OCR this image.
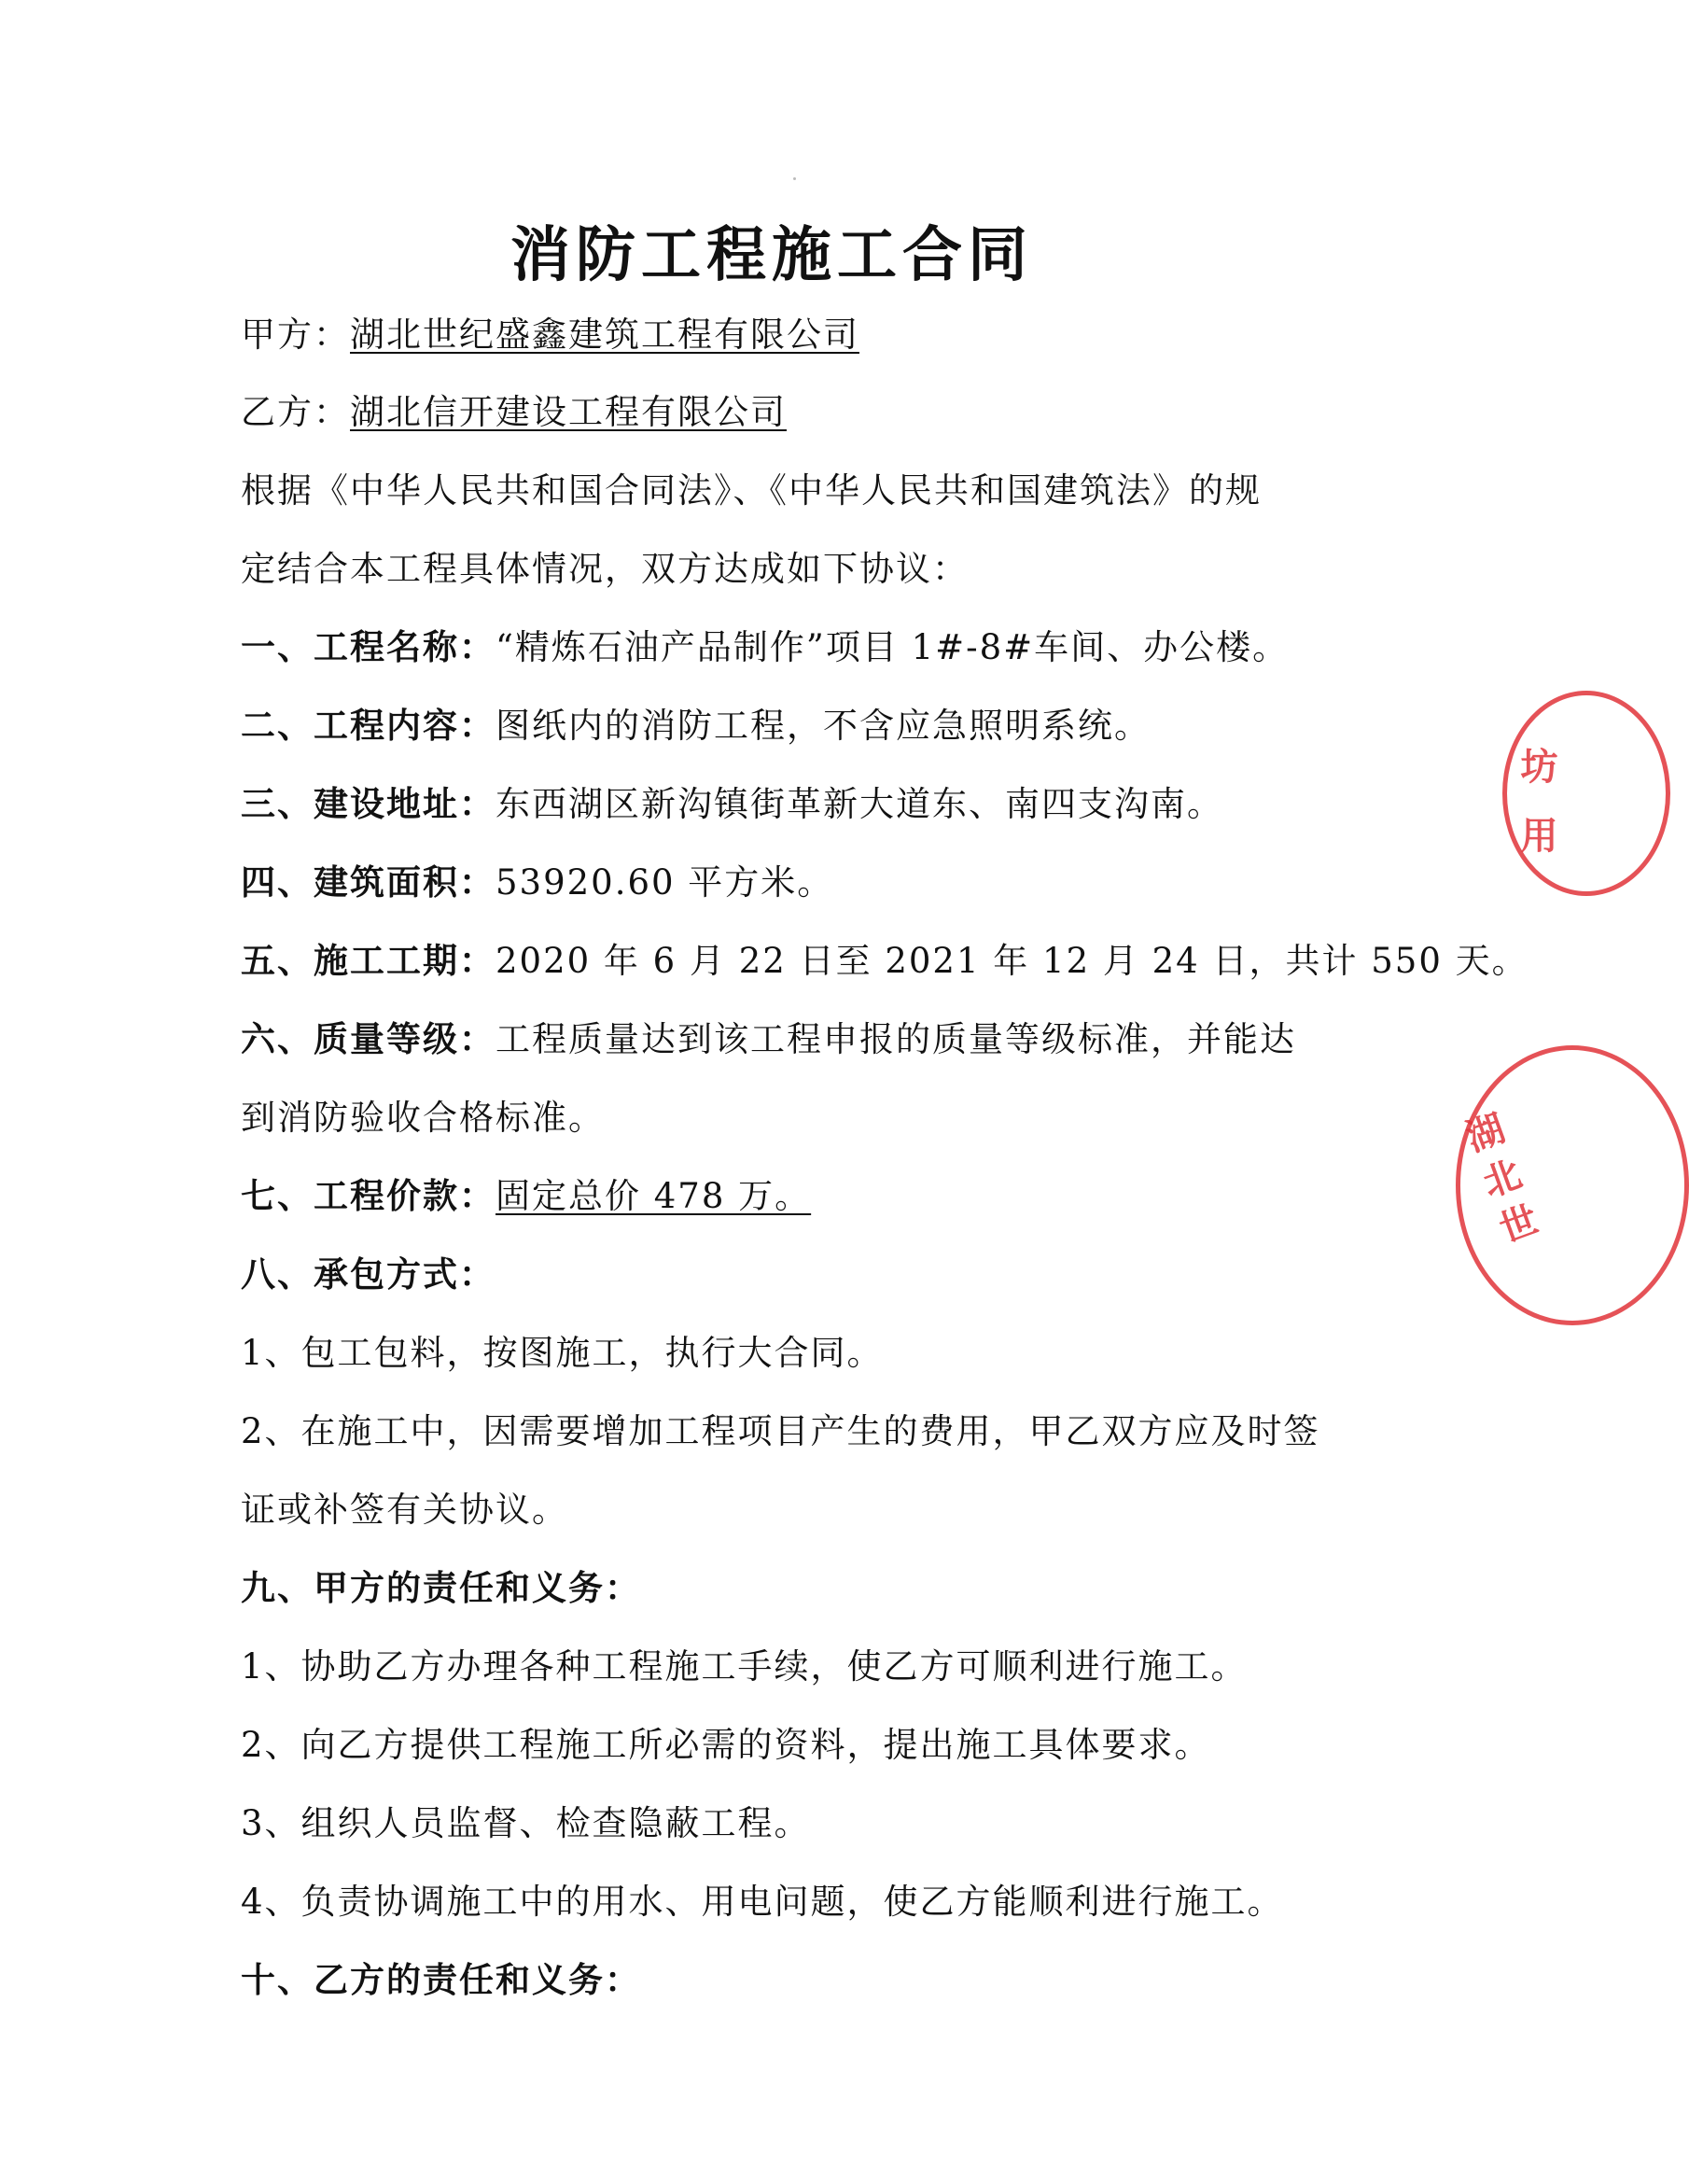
消防工程施工合同
甲方：湖北世纪盛鑫建筑工程有限公司
乙方：湖北信开建设工程有限公司
根据《中华人民共和国合同法》、《中华人民共和国建筑法》的规
定结合本工程具体情况，双方达成如下协议：
一、工程名称：“精炼石油产品制作”项目 1#-8#车间、办公楼。
二、工程内容：图纸内的消防工程，不含应急照明系统。
三、建设地址：东西湖区新沟镇街革新大道东、南四支沟南。
四、建筑面积：53920.60 平方米。
五、施工工期：2020 年 6 月 22 日至 2021 年 12 月 24 日，共计 550 天。
六、质量等级：工程质量达到该工程申报的质量等级标准，并能达
到消防验收合格标准。
七、工程价款：固定总价 478 万。
八、承包方式：
1、包工包料，按图施工，执行大合同。
2、在施工中，因需要增加工程项目产生的费用，甲乙双方应及时签
证或补签有关协议。
九、甲方的责任和义务：
1、协助乙方办理各种工程施工手续，使乙方可顺利进行施工。
2、向乙方提供工程施工所必需的资料，提出施工具体要求。
3、组织人员监督、检查隐蔽工程。
4、负责协调施工中的用水、用电问题，使乙方能顺利进行施工。
十、乙方的责任和义务：
坊 用
湖北世
